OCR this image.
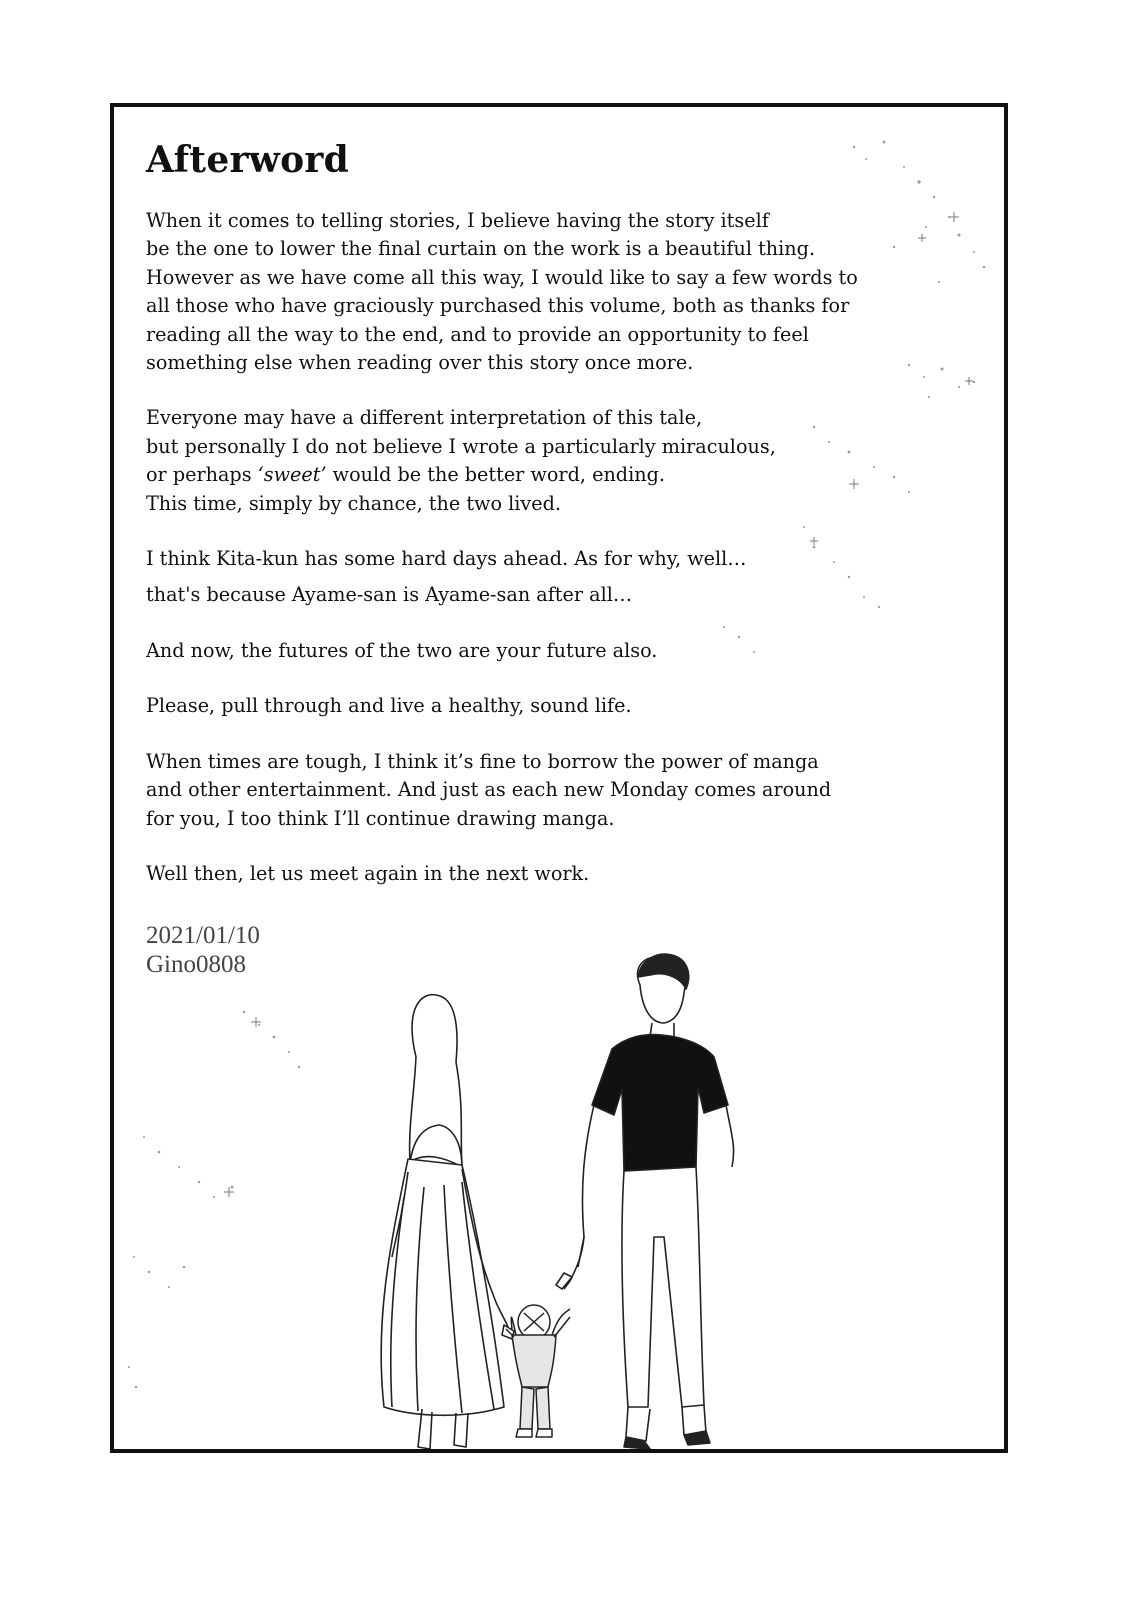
Afterword

When it comes to telling stories, I believe having the story itself
be the one to lower the final curtain on the work is a beautiful thing.
However as we have come all this way, I would like to say a few words to
all those who have graciously purchased this volume, both as thanks for
reading all the way to the end, and to provide an opportunity to feel
something else when reading over this story once more.

Everyone may have a different interpretation of this tale,
but personally I do not believe I wrote a particularly miraculous,
or perhaps ‘sweet’ would be the better word, ending.
This time, simply by chance, the two lived.

I think Kita-kun has some hard days ahead. As for why, well…
that's because Ayame-san is Ayame-san after all…

And now, the futures of the two are your future also.

Please, pull through and live a healthy, sound life.

When times are tough, I think it’s fine to borrow the power of manga
and other entertainment. And just as each new Monday comes around
for you, I too think I’ll continue drawing manga.

Well then, let us meet again in the next work.

2021/01/10
Gino0808
